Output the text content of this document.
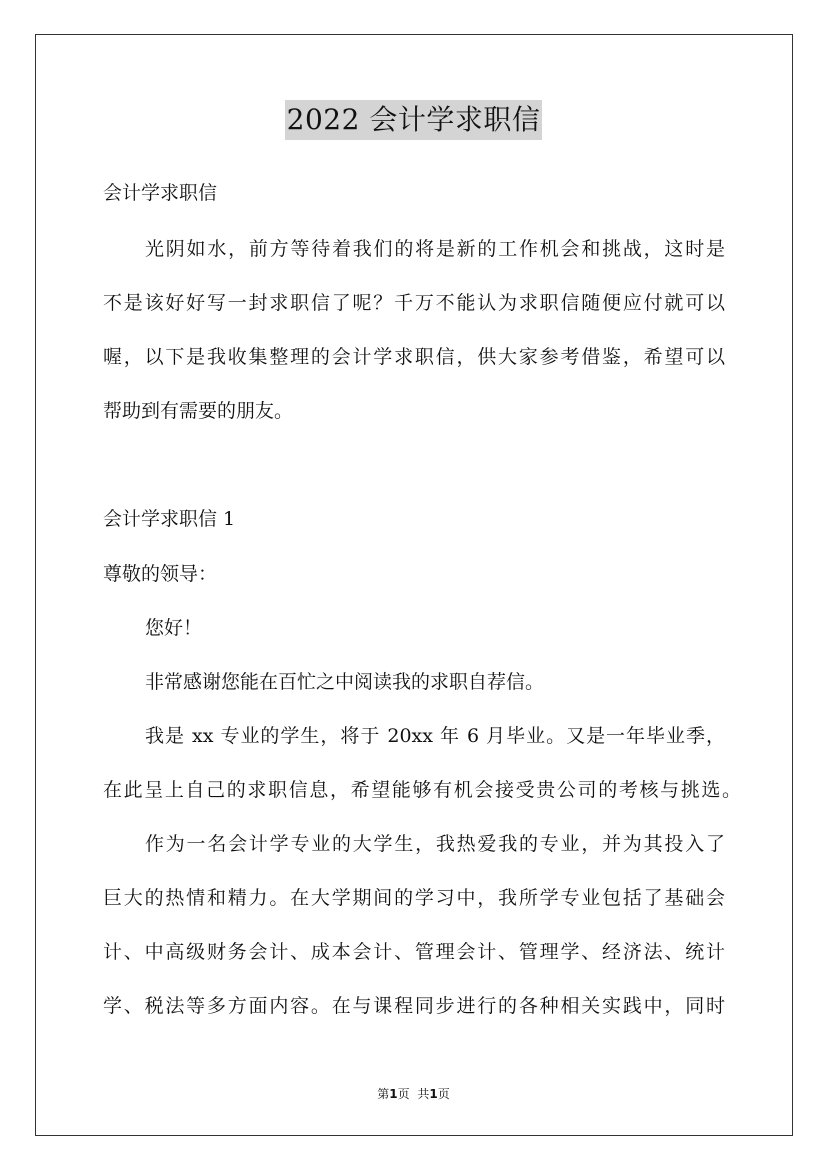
2022 会计学求职信
会计学求职信
光阴如水，前方等待着我们的将是新的工作机会和挑战，这时是
不是该好好写一封求职信了呢？千万不能认为求职信随便应付就可以
喔，以下是我收集整理的会计学求职信，供大家参考借鉴，希望可以
帮助到有需要的朋友。
会计学求职信 1
尊敬的领导：
您好！
非常感谢您能在百忙之中阅读我的求职自荐信。
我是 xx 专业的学生，将于 20xx 年 6 月毕业。又是一年毕业季，
在此呈上自己的求职信息，希望能够有机会接受贵公司的考核与挑选。
作为一名会计学专业的大学生，我热爱我的专业，并为其投入了
巨大的热情和精力。在大学期间的学习中，我所学专业包括了基础会
计、中高级财务会计、成本会计、管理会计、管理学、经济法、统计
学、税法等多方面内容。在与课程同步进行的各种相关实践中，同时
第1页 共1页
